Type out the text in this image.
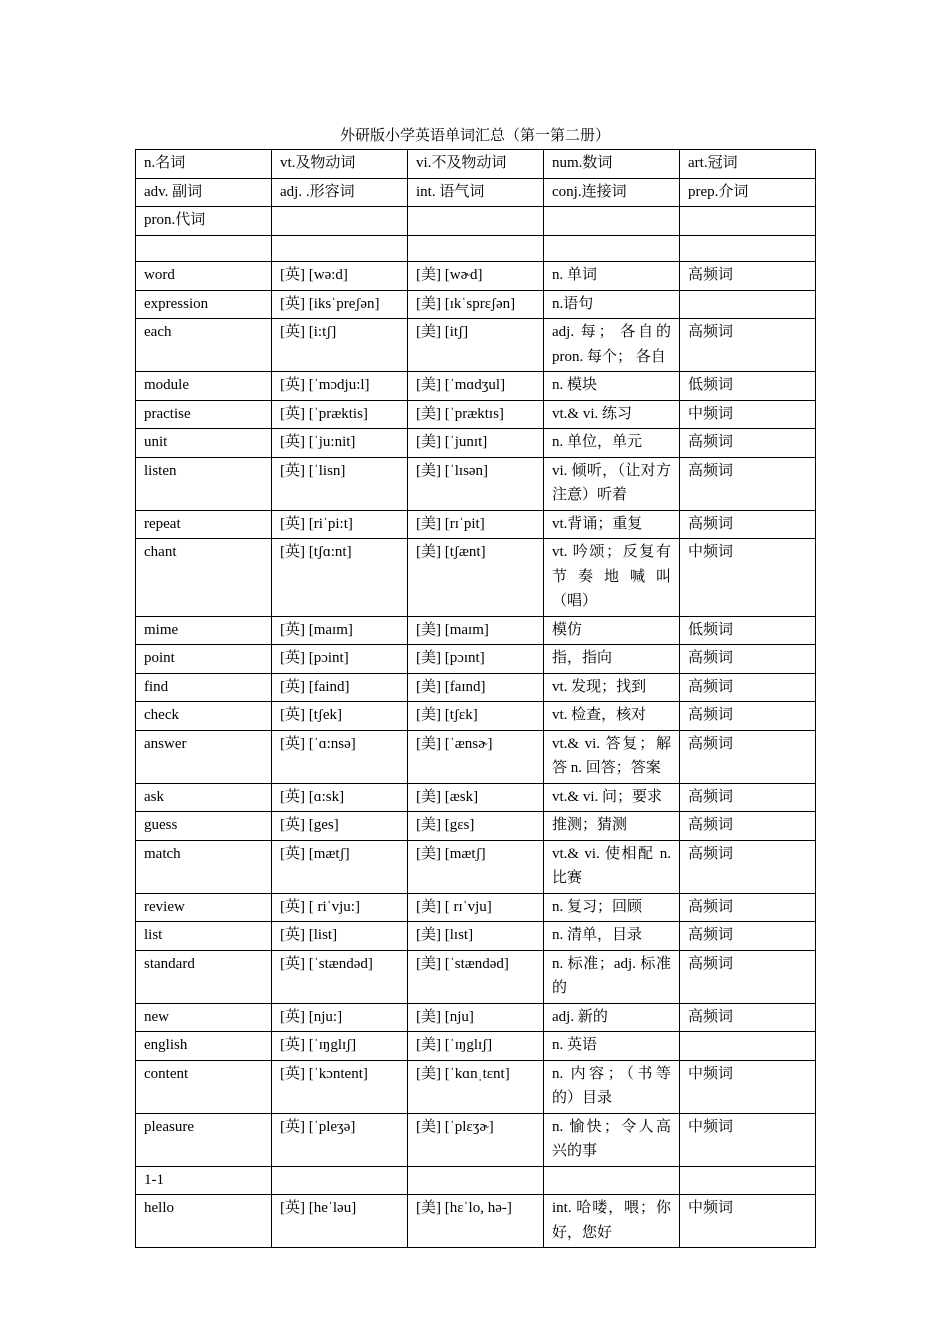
外研版小学英语单词汇总（第一第二册）
n.名词	vt.及物动词	vi.不及物动词	num.数词	art.冠词
adv. 副词	adj. .形容词	int. 语气词	conj.连接词	prep.介词
pron.代词				

word	[英] [wə:d]	[美] [wɚd]	n. 单词	高频词
expression	[英] [iksˈpreʃən]	[美] [ɪkˈsprɛʃən]	n.语句	
each	[英] [i:tʃ]	[美] [itʃ]	adj. 每； 各自的 pron. 每个； 各自	高频词
module	[英] [ˈmɔdju:l]	[美] [ˈmɑdʒul]	n. 模块	低频词
practise	[英] [ˈpræktis]	[美] [ˈpræktɪs]	vt.& vi. 练习	中频词
unit	[英] [ˈju:nit]	[美] [ˈjunɪt]	n. 单位，单元	高频词
listen	[英] [ˈlisn]	[美] [ˈlɪsən]	vi. 倾听，（让对方注意）听着	高频词
repeat	[英] [riˈpi:t]	[美] [rɪˈpit]	vt.背诵；重复	高频词
chant	[英] [tʃɑ:nt]	[美] [tʃænt]	vt. 吟颂；反复有节 奏 地 喊 叫（唱）	中频词
mime	[英] [maɪm]	[美] [maɪm]	模仿	低频词
point	[英] [pɔint]	[美] [pɔɪnt]	指，指向	高频词
find	[英] [faind]	[美] [faɪnd]	vt. 发现；找到	高频词
check	[英] [tʃek]	[美] [tʃɛk]	vt. 检查，核对	高频词
answer	[英] [ˈɑ:nsə]	[美] [ˈænsɚ]	vt.& vi. 答复；解答 n. 回答；答案	高频词
ask	[英] [ɑ:sk]	[美] [æsk]	vt.& vi. 问；要求	高频词
guess	[英] [ges]	[美] [gɛs]	推测；猜测	高频词
match	[英] [mætʃ]	[美] [mætʃ]	vt.& vi. 使相配 n. 比赛	高频词
review	[英] [ riˈvju:]	[美] [ rɪˈvju]	n. 复习；回顾	高频词
list	[英] [list]	[美] [lɪst]	n. 清单，目录	高频词
standard	[英] [ˈstændəd]	[美] [ˈstændəd]	n. 标准；adj. 标准的	高频词
new	[英] [nju:]	[美] [nju]	adj. 新的	高频词
english	[英] [ˈɪŋglɪʃ]	[美] [ˈɪŋglɪʃ]	n. 英语	
content	[英] [ˈkɔntent]	[美] [ˈkɑnˌtɛnt]	n. 内容；（书等的）目录	中频词
pleasure	[英] [ˈpleʒə]	[美] [ˈplɛʒɚ]	n. 愉快；令人高兴的事	中频词
1-1				
hello	[英] [heˈləu]	[美] [hɛˈlo, hə-]	int. 哈喽，喂；你好，您好	中频词
